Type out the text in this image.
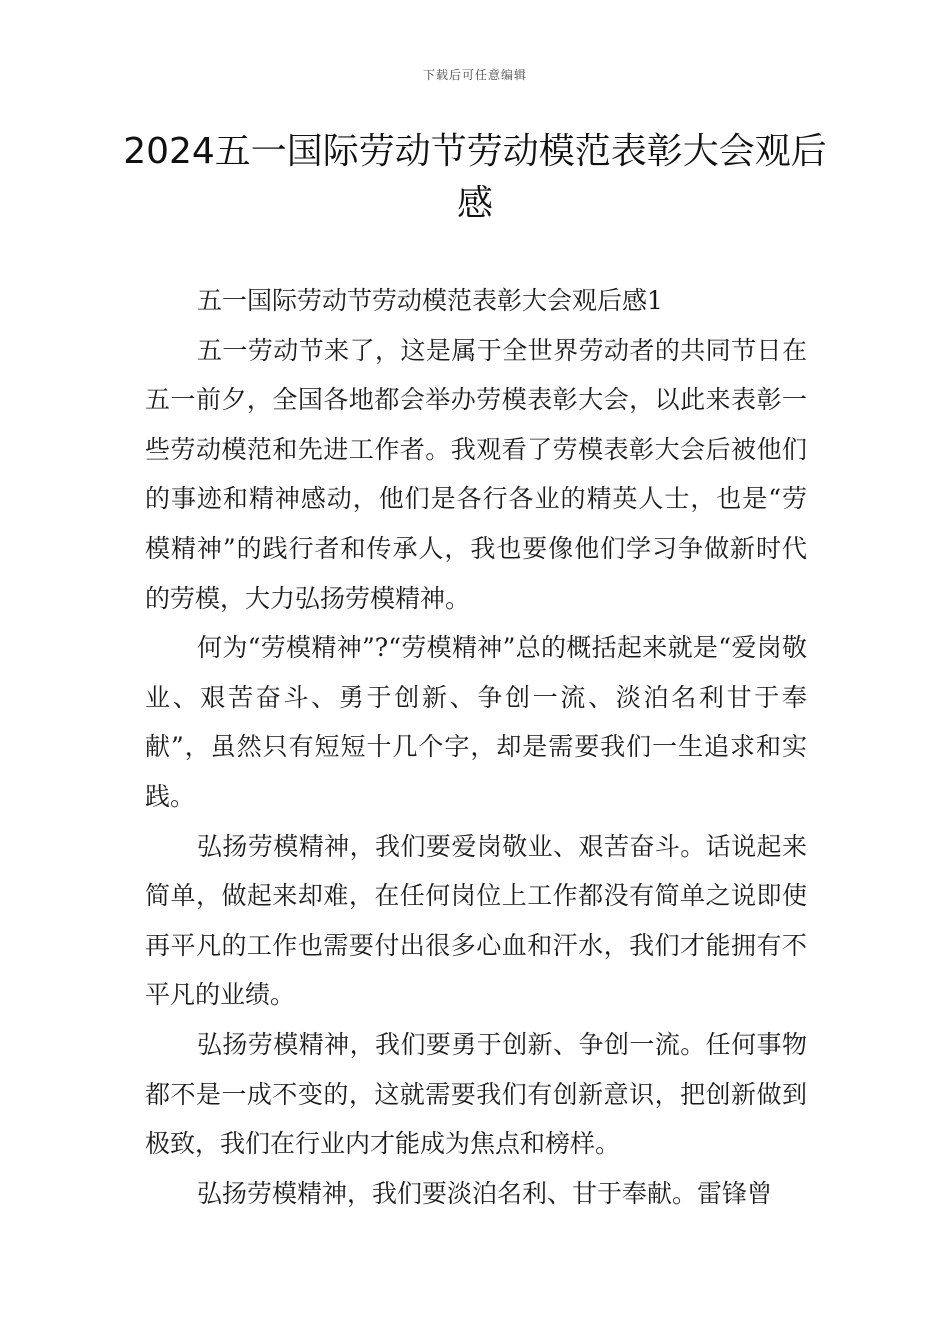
下载后可任意编辑
2024五一国际劳动节劳动模范表彰大会观后感

五一国际劳动节劳动模范表彰大会观后感1

五一劳动节来了，这是属于全世界劳动者的共同节日在五一前夕，全国各地都会举办劳模表彰大会，以此来表彰一些劳动模范和先进工作者。我观看了劳模表彰大会后被他们的事迹和精神感动，他们是各行各业的精英人士，也是“劳模精神”的践行者和传承人，我也要像他们学习争做新时代的劳模，大力弘扬劳模精神。

何为“劳模精神”?“劳模精神”总的概括起来就是“爱岗敬业、艰苦奋斗、勇于创新、争创一流、淡泊名利甘于奉献”，虽然只有短短十几个字，却是需要我们一生追求和实践。

弘扬劳模精神，我们要爱岗敬业、艰苦奋斗。话说起来简单，做起来却难，在任何岗位上工作都没有简单之说即使再平凡的工作也需要付出很多心血和汗水，我们才能拥有不平凡的业绩。

弘扬劳模精神，我们要勇于创新、争创一流。任何事物都不是一成不变的，这就需要我们有创新意识，把创新做到极致，我们在行业内才能成为焦点和榜样。

弘扬劳模精神，我们要淡泊名利、甘于奉献。雷锋曾
